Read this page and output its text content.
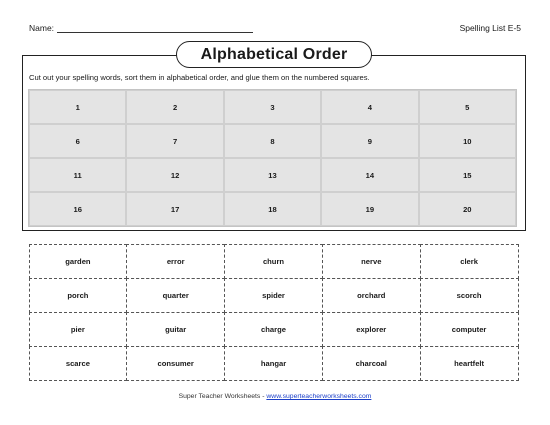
Name:	Spelling List E-5
Alphabetical Order
Cut out your spelling words, sort them in alphabetical order, and glue them on the numbered squares.
1	2	3	4	5
6	7	8	9	10
11	12	13	14	15
16	17	18	19	20
garden	error	churn	nerve	clerk
porch	quarter	spider	orchard	scorch
pier	guitar	charge	explorer	computer
scarce	consumer	hangar	charcoal	heartfelt
Super Teacher Worksheets - www.superteacherworksheets.com
